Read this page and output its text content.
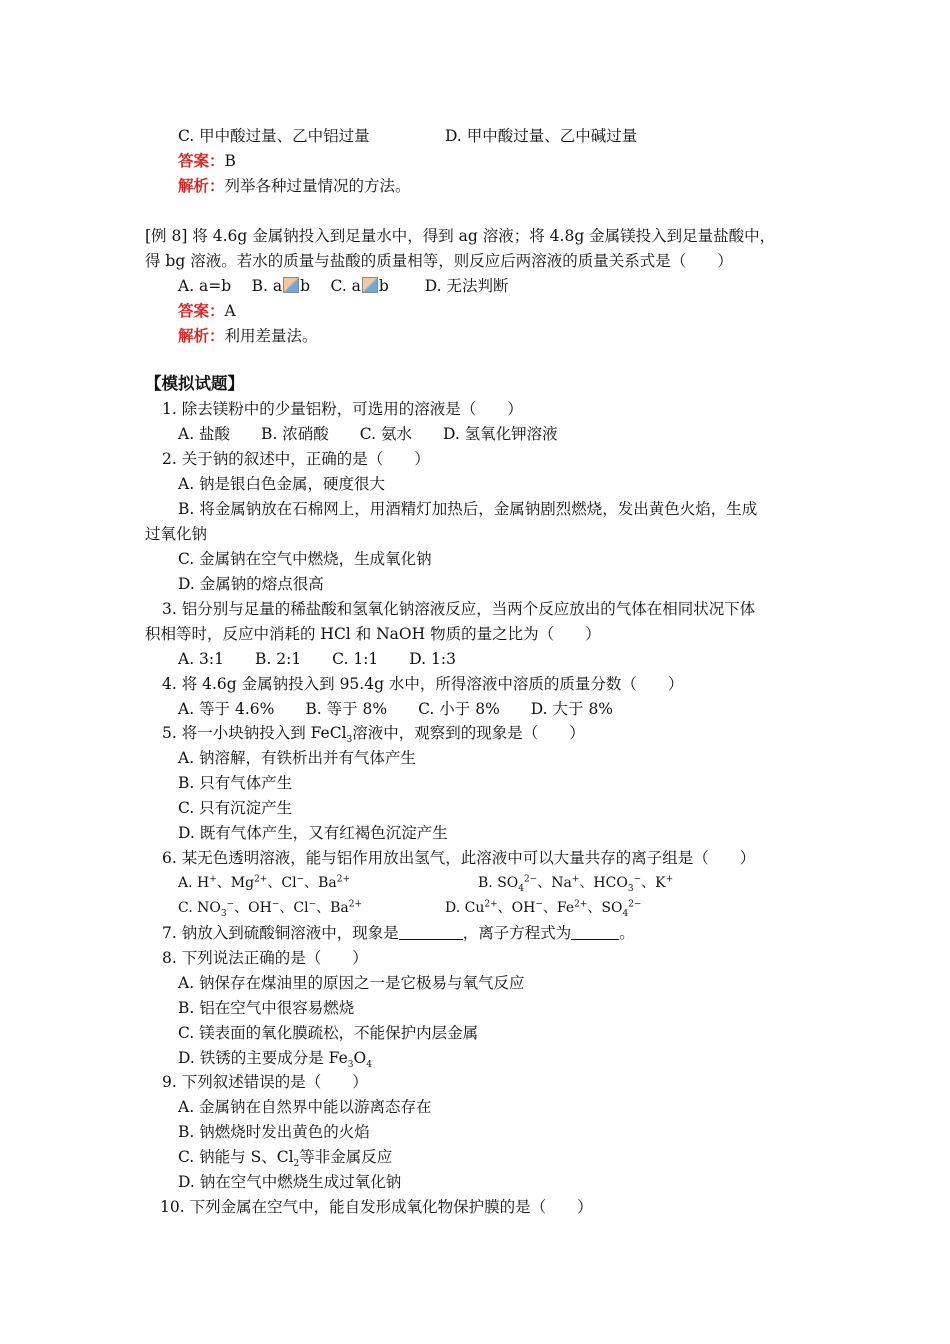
C. 甲中酸过量、乙中铝过量	D. 甲中酸过量、乙中碱过量
答案：B
解析：列举各种过量情况的方法。
[例 8] 将 4.6g 金属钠投入到足量水中，得到 ag 溶液；将 4.8g 金属镁投入到足量盐酸中，
得 bg 溶液。若水的质量与盐酸的质量相等，则反应后两溶液的质量关系式是（　　）
A. a=b　 B. a b　 C. a b　　 D. 无法判断
答案：A
解析：利用差量法。
【模拟试题】
1. 除去镁粉中的少量铝粉，可选用的溶液是（　　）
A. 盐酸　　B. 浓硝酸　　C. 氨水　　D. 氢氧化钾溶液
2. 关于钠的叙述中，正确的是（　　）
A. 钠是银白色金属，硬度很大
B. 将金属钠放在石棉网上，用酒精灯加热后，金属钠剧烈燃烧，发出黄色火焰，生成
过氧化钠
C. 金属钠在空气中燃烧，生成氧化钠
D. 金属钠的熔点很高
3. 铝分别与足量的稀盐酸和氢氧化钠溶液反应，当两个反应放出的气体在相同状况下体
积相等时，反应中消耗的 HCl 和 NaOH 物质的量之比为（　　）
A. 3:1　　B. 2:1　　C. 1:1　　D. 1:3
4. 将 4.6g 金属钠投入到 95.4g 水中，所得溶液中溶质的质量分数（　　）
A. 等于 4.6%　　B. 等于 8%　　C. 小于 8%　　D. 大于 8%
5. 将一小块钠投入到 FeCl$_3$溶液中，观察到的现象是（　　）
A. 钠溶解，有铁析出并有气体产生
B. 只有气体产生
C. 只有沉淀产生
D. 既有气体产生，又有红褐色沉淀产生
6. 某无色透明溶液，能与铝作用放出氢气，此溶液中可以大量共存的离子组是（　　）
A. H+、$Mg^{2+}$、Cl−、$Ba^{2+}$	B. $SO_4^{2-}$、Na+、$HCO_3^-$、K+
C. $NO_3^-$、OH−、Cl−、$Ba^{2+}$	D. $Cu^{2+}$、OH−、$Fe^{2+}$、$SO_4^{2-}$
7. 钠放入到硫酸铜溶液中，现象是	，离子方程式为	。
8. 下列说法正确的是（　　）
A. 钠保存在煤油里的原因之一是它极易与氧气反应
B. 铝在空气中很容易燃烧
C. 镁表面的氧化膜疏松，不能保护内层金属
D. 铁锈的主要成分是 $Fe_3O_4$
9. 下列叙述错误的是（　　）
A. 金属钠在自然界中能以游离态存在
B. 钠燃烧时发出黄色的火焰
C. 钠能与 S、$Cl_2$等非金属反应
D. 钠在空气中燃烧生成过氧化钠
10. 下列金属在空气中，能自发形成氧化物保护膜的是（　　）
